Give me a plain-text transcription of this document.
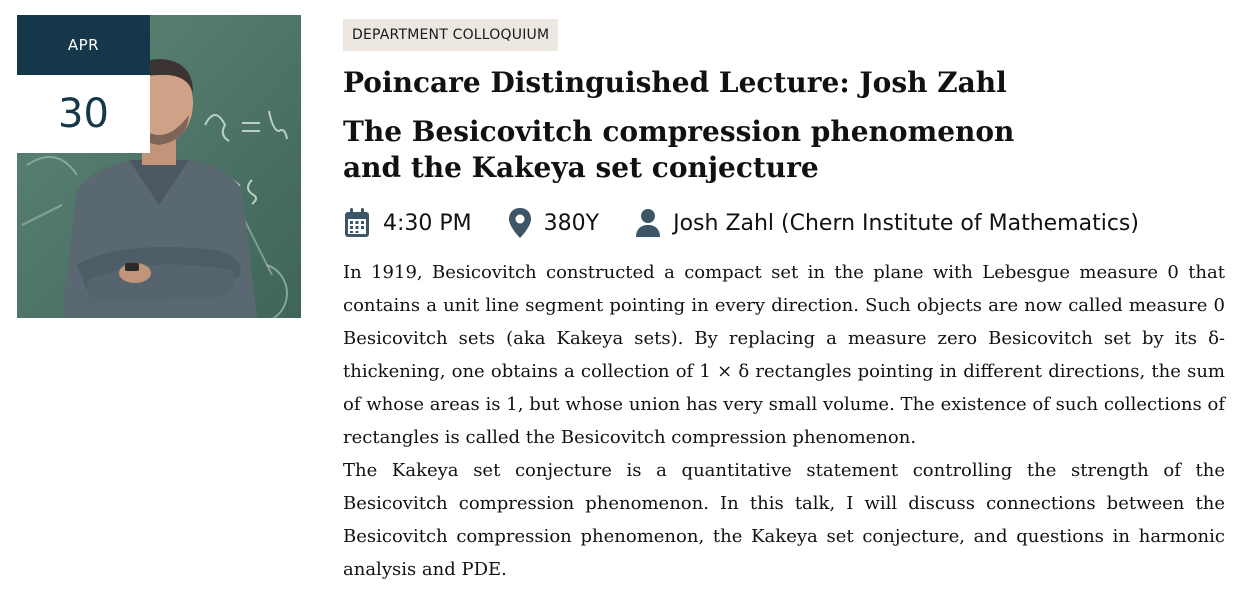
APR
30
DEPARTMENT COLLOQUIUM
Poincare Distinguished Lecture: Josh Zahl
The Besicovitch compression phenomenon
and the Kakeya set conjecture
4:30 PM	380Y	Josh Zahl (Chern Institute of Mathematics)

In 1919, Besicovitch constructed a compact set in the plane with Lebesgue measure 0 that contains a unit line segment pointing in every direction. Such objects are now called measure 0 Besicovitch sets (aka Kakeya sets). By replacing a measure zero Besicovitch set by its δ-thickening, one obtains a collection of 1 × δ rectangles pointing in different directions, the sum of whose areas is 1, but whose union has very small volume. The existence of such collections of rectangles is called the Besicovitch compression phenomenon.

The Kakeya set conjecture is a quantitative statement controlling the strength of the Besicovitch compression phenomenon. In this talk, I will discuss connections between the Besicovitch compression phenomenon, the Kakeya set conjecture, and questions in harmonic analysis and PDE.
